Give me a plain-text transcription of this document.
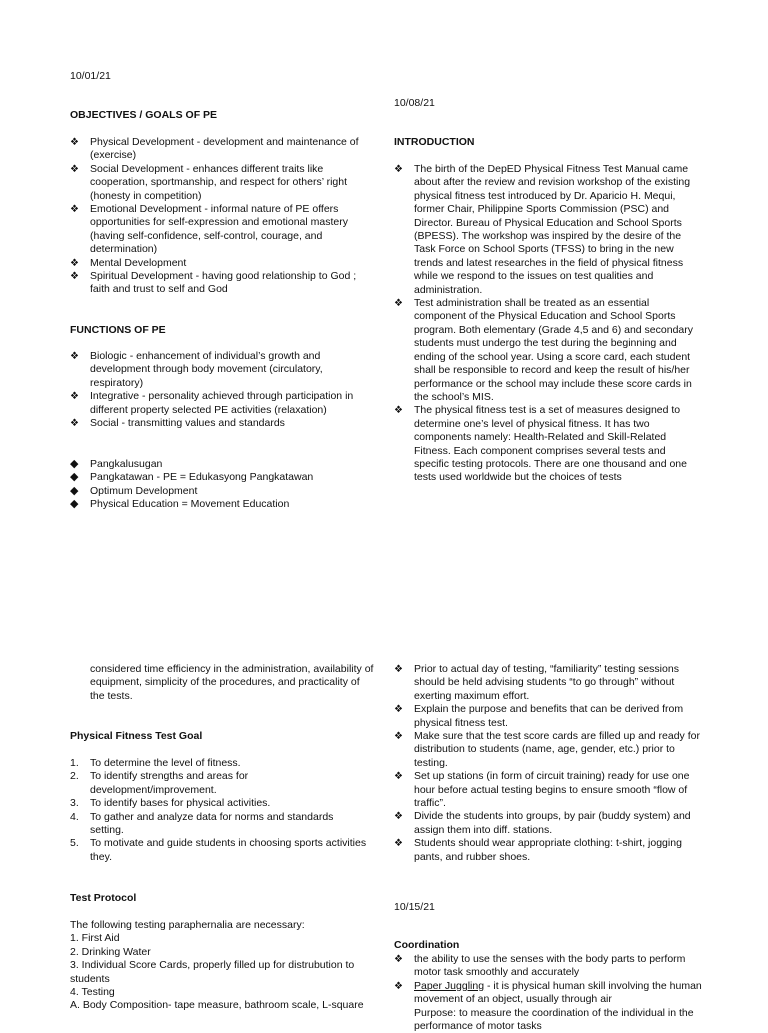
10/01/21

OBJECTIVES / GOALS OF PE

❖	Physical Development - development and maintenance of (exercise)
❖	Social Development - enhances different traits like cooperation, sportmanship, and respect for others’ right (honesty in competition)
❖	Emotional Development - informal nature of PE offers opportunities for self-expression and emotional mastery (having self-confidence, self-control, courage, and determination)
❖	Mental Development
❖	Spiritual Development - having good relationship to God ; faith and trust to self and God

FUNCTIONS OF PE

❖	Biologic - enhancement of individual’s growth and development through body movement (circulatory, respiratory)
❖	Integrative - personality achieved through participation in different property selected PE activities (relaxation)
❖	Social - transmitting values and standards
◆	Pangkalusugan
◆	Pangkatawan - PE = Edukasyong Pangkatawan
◆	Optimum Development
◆	Physical Education = Movement Education

10/08/21

INTRODUCTION

❖	The birth of the DepED Physical Fitness Test Manual came about after the review and revision workshop of the existing physical fitness test introduced by Dr. Aparicio H. Mequi, former Chair, Philippine Sports Commission (PSC) and Director. Bureau of Physical Education and School Sports (BPESS). The workshop was inspired by the desire of the Task Force on School Sports (TFSS) to bring in the new trends and latest researches in the field of physical fitness while we respond to the issues on test qualities and administration.
❖	Test administration shall be treated as an essential component of the Physical Education and School Sports program. Both elementary (Grade 4,5 and 6) and secondary students must undergo the test during the beginning and ending of the school year. Using a score card, each student shall be responsible to record and keep the result of his/her performance or the school may include these score cards in the school’s MIS.
❖	The physical fitness test is a set of measures designed to determine one’s level of physical fitness. It has two components namely: Health-Related and Skill-Related Fitness. Each component comprises several tests and specific testing protocols. There are one thousand and one tests used worldwide but the choices of tests

considered time efficiency in the administration, availability of equipment, simplicity of the procedures, and practicality of the tests.

Physical Fitness Test Goal

1. To determine the level of fitness.
2. To identify strengths and areas for development/improvement.
3. To identify bases for physical activities.
4. To gather and analyze data for norms and standards setting.
5. To motivate and guide students in choosing sports activities they.

Test Protocol

The following testing paraphernalia are necessary:

1. First Aid

2. Drinking Water

3. Individual Score Cards, properly filled up for distrubution to students

4. Testing

A. Body Composition- tape measure, bathroom scale, L-square

❖	Prior to actual day of testing, “familiarity” testing sessions should be held advising students “to go through” without exerting maximum effort.
❖	Explain the purpose and benefits that can be derived from physical fitness test.
❖	Make sure that the test score cards are filled up and ready for distribution to students (name, age, gender, etc.) prior to testing.
❖	Set up stations (in form of circuit training) ready for use one hour before actual testing begins to ensure smooth “flow of traffic”.
❖	Divide the students into groups, by pair (buddy system) and assign them into diff. stations.
❖	Students should wear appropriate clothing: t-shirt, jogging pants, and rubber shoes.

10/15/21

Coordination

❖	the ability to use the senses with the body parts to perform motor task smoothly and accurately
❖	Paper Juggling - it is physical human skill involving the human movement of an object, usually through air
Purpose: to measure the coordination of the individual in the performance of motor tasks
